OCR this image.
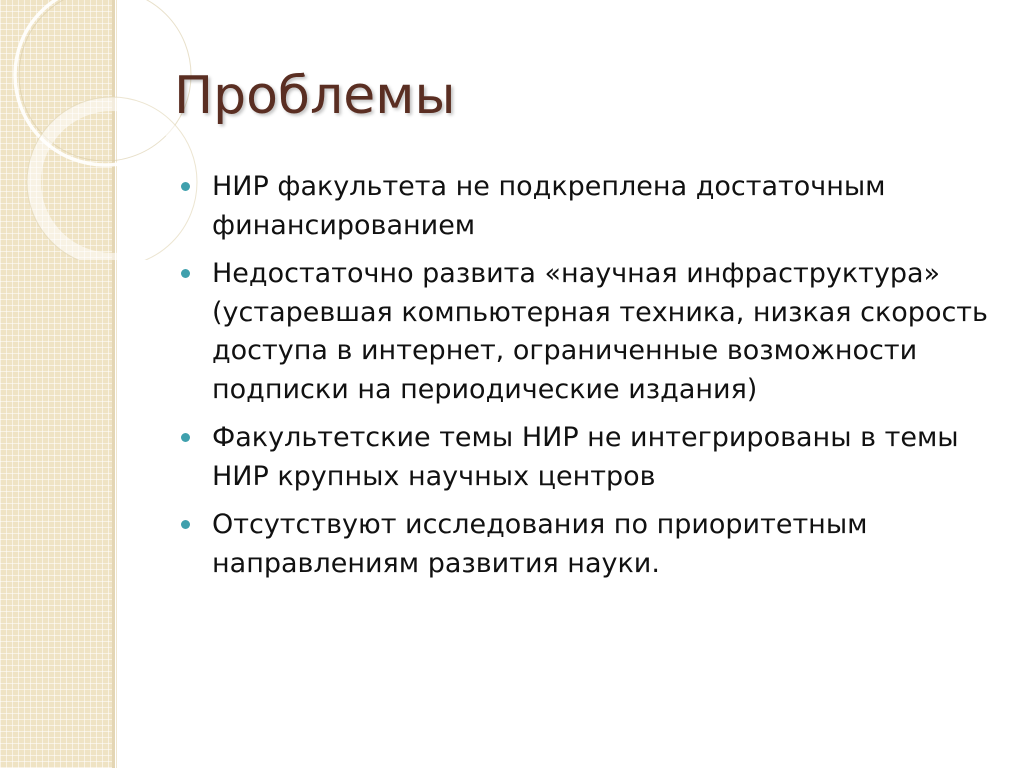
Проблемы
НИР факультета не подкреплена достаточным финансированием
Недостаточно развита «научная инфраструктура» (устаревшая компьютерная техника, низкая скорость доступа в интернет, ограниченные возможности подписки на периодические издания)
Факультетские темы НИР не интегрированы в темы НИР крупных научных центров
Отсутствуют исследования по приоритетным направлениям развития науки.
